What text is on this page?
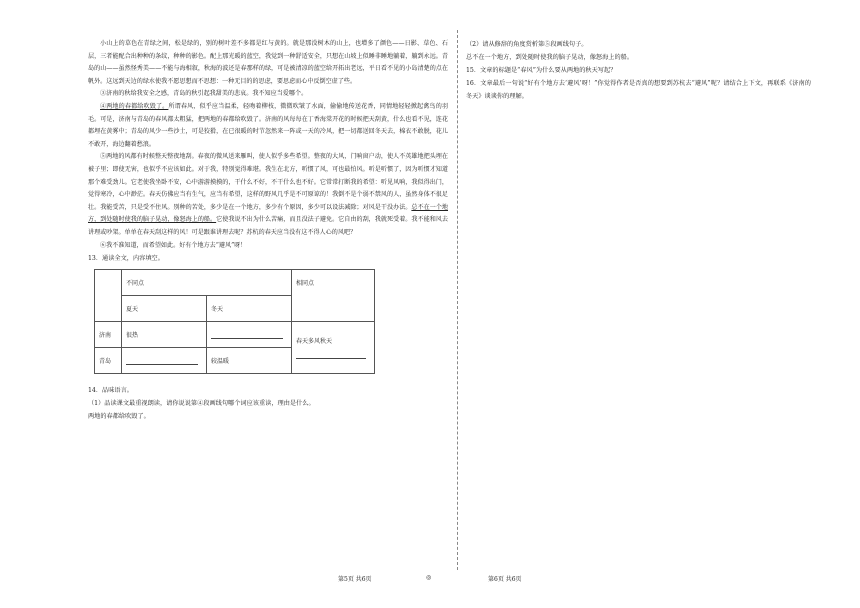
小山上的草色在青绿之间，松是绿的，别的树叶差不多都是红与黄的。就是那没树木的山上，也增多了颜色——日影、草色、石层，三者能配合出种种的条纹，种种的影色。配上那光暖的蓝空，我觉到一种舒适安全，只想在山坡上似睡非睡地躺着，躺到永远。青岛的山——虽然怪秀美——不能与海相叙，秋海的波还是春那样的绿，可是被清凉的蓝空给开拓出老远，平日看不见的小岛清楚的点在帆外。这远到天边的绿水使我不愿思想而不思想：一种无目的的思虑，要思虑而心中反倒空虚了些。

③济南的秋给我安全之感，青岛的秋引起我甜美的悲哀。我不知应当爱哪个。

④两地的春都给吹毁了。所谓春风，似乎应当温柔，轻吻着柳枝，微微吹皱了水面，偷偷地传送花香，同情地轻轻掀起禽鸟的羽毛。可是，济南与青岛的春风都太粗猛，把两地的春都给吹毁了。济南的风每每在丁香海棠开花的时候把天刮黄，什么也看不见，连花都埋在黄雾中；青岛的风少一些沙土，可是狡猾，在已很暖的时节忽然来一阵或一天的冷风，把一切都送回冬天去，棉衣不敢脱，花儿不敢开，海边翻着愁浪。

⑤两地的风都有时候整天整夜地刮。春夜的微风送来雁叫，使人似乎多些希望。整夜的大风，门响窗户动，使人不英雄地把头埋在被子里；即使无害，也似乎不应该如此。对于我，特别觉得难堪。我生在北方，听惯了风，可也最怕风。听是听惯了，因为听惯才知道那个难受劲儿。它老使我坐卧不安，心中游游摸摸的，干什么不好，不干什么也不好。它常常打断我的希望：听见风响，我似得出门，觉得寒冷，心中渺茫。春天仿佛应当有生气，应当有希望，这样的野风几乎是不可原谅的！我倒不是个弱不禁风的人，虽然身体不很足壮。我能受苦，只是受不住风。别种的苦处，多少是在一个地方，多少有个原因，多少可以设法减除；对风是干没办法。总不在一个地方，到处随时使我的脑子晃动，像怒海上的船。它使我说不出为什么苦痛，而且没法子避免。它自由的刮，我就死受着。我不能和风去讲理或吵架。单单在春天刮这样的风！可是跟谁讲理去呢？苏杭的春天应当没有这不得人心的风吧？

⑥我不准知道，而希望如此。好有个地方去“避风”呀！

13．通读全文，内容填空。

	不同点		相同点
	夏天	冬天	
济南	很热		春天多风秋天

青岛		较温暖	

14．品味语言。

（1）品读课文最重视朗读，请你说说第④段画线句哪个词应该重读，理由是什么。

两地的春都给吹毁了。

（2）请从修辞的角度赏析第⑤段画线句子。

总不在一个地方，到处随时使我的脑子晃动，像怒海上的船。

15．文章的标题是“春风”为什么要从两地的秋天写起？

16．文章最后一句说“好有个地方去‘避风’呀！”你觉得作者是否真的想要到苏杭去“避风”呢？请结合上下文，再联系《济南的冬天》谈谈你的理解。

第5页 共6页	◎	第6页 共6页
